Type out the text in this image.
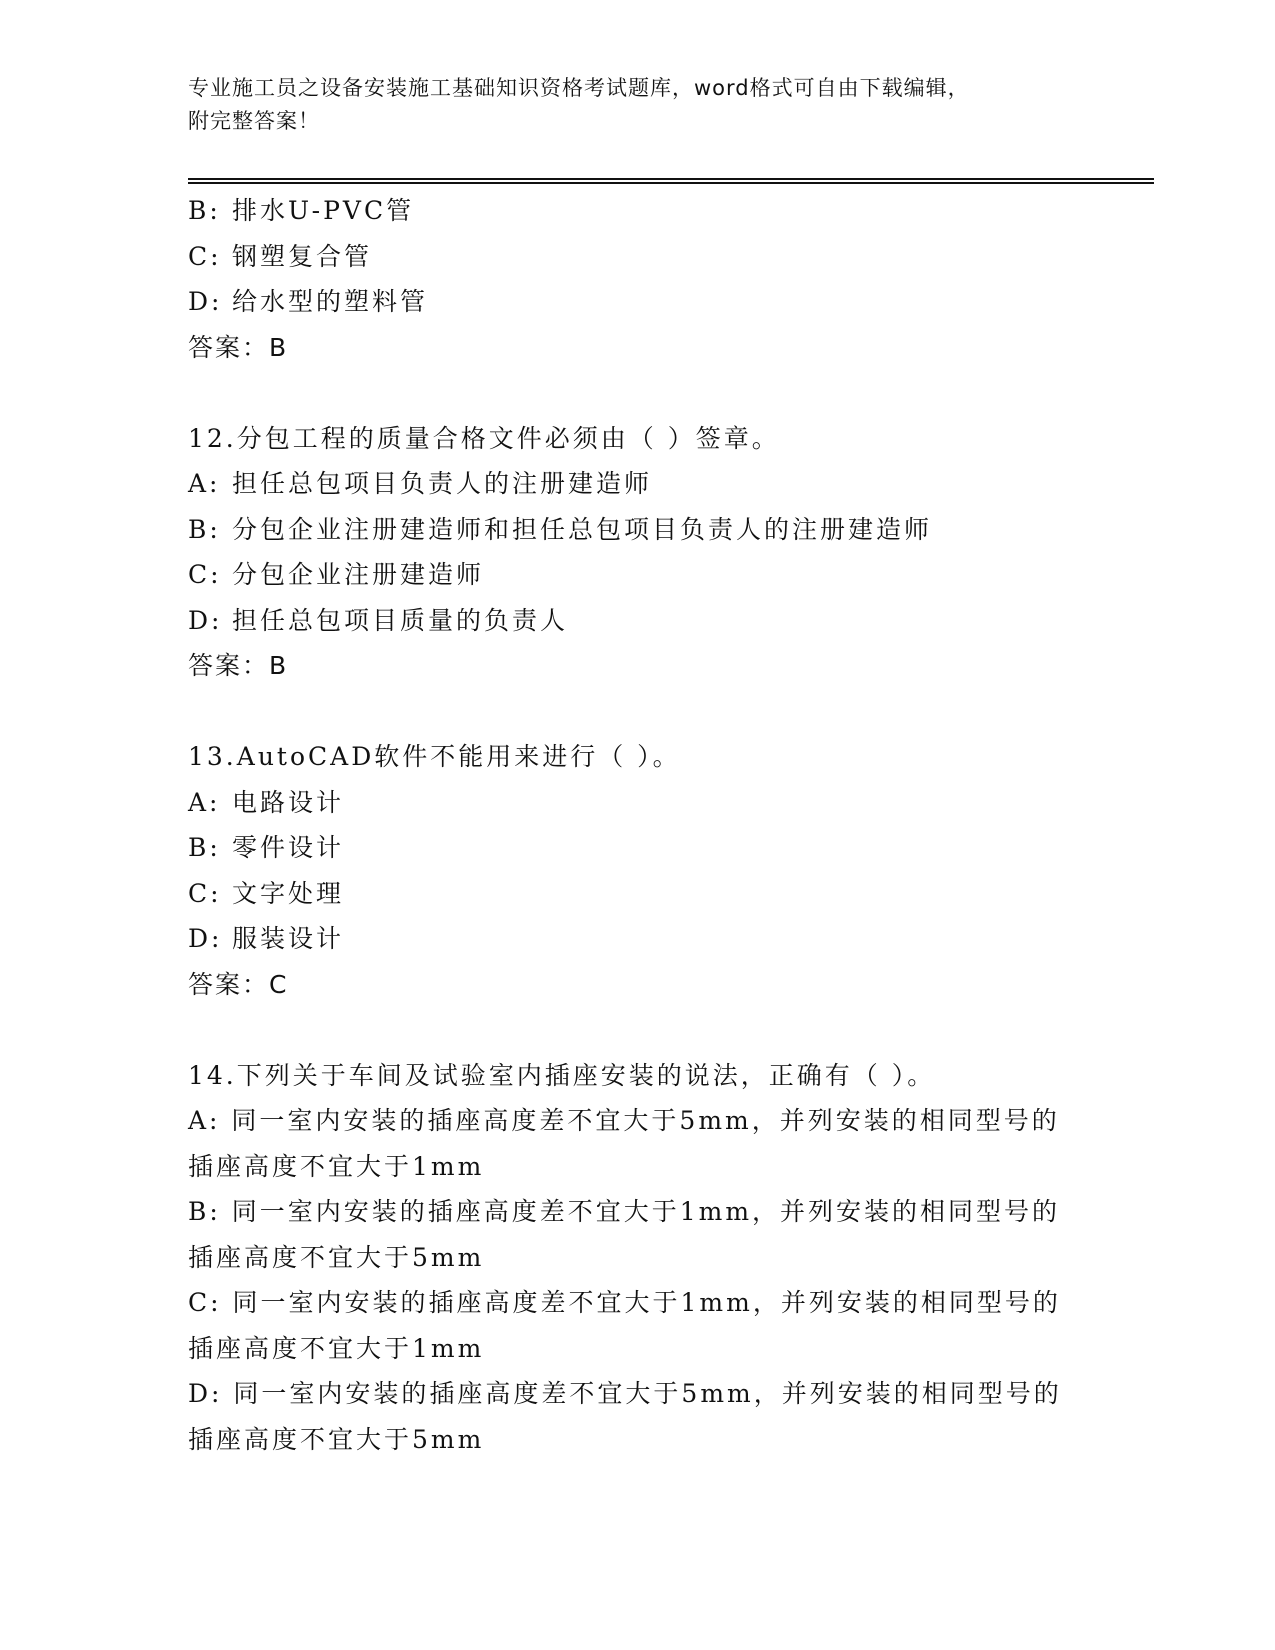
专业施工员之设备安装施工基础知识资格考试题库，word格式可自由下载编辑，
附完整答案！
B: 排水U-PVC管
C: 钢塑复合管
D: 给水型的塑料管
答案：B
12.分包工程的质量合格文件必须由（ ）签章。
A: 担任总包项目负责人的注册建造师
B: 分包企业注册建造师和担任总包项目负责人的注册建造师
C: 分包企业注册建造师
D: 担任总包项目质量的负责人
答案：B
13.AutoCAD软件不能用来进行（ ）。
A: 电路设计
B: 零件设计
C: 文字处理
D: 服装设计
答案：C
14.下列关于车间及试验室内插座安装的说法，正确有（ ）。
A: 同一室内安装的插座高度差不宜大于5mm，并列安装的相同型号的
插座高度不宜大于1mm
B: 同一室内安装的插座高度差不宜大于1mm，并列安装的相同型号的
插座高度不宜大于5mm
C: 同一室内安装的插座高度差不宜大于1mm，并列安装的相同型号的
插座高度不宜大于1mm
D: 同一室内安装的插座高度差不宜大于5mm，并列安装的相同型号的
插座高度不宜大于5mm
